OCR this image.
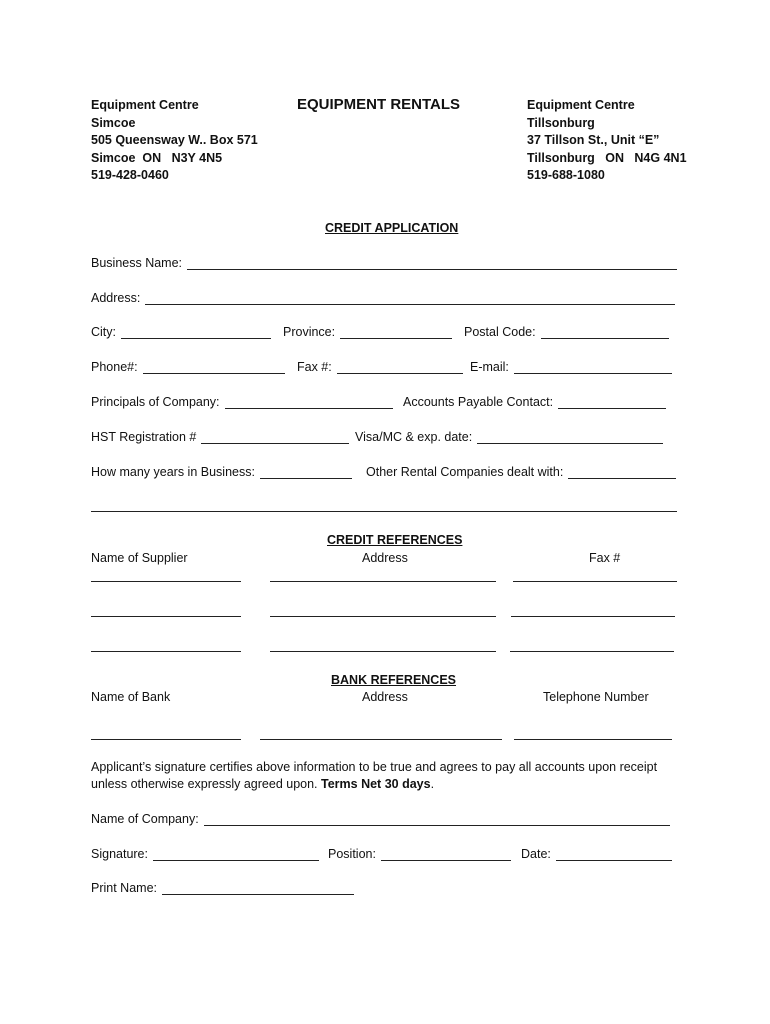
Equipment Centre
Simcoe
505 Queensway W.. Box 571
Simcoe  ON   N3Y 4N5
519-428-0460
EQUIPMENT RENTALS	Equipment Centre
Tillsonburg
37 Tillson St., Unit “E”
Tillsonburg   ON   N4G 4N1
519-688-1080
CREDIT APPLICATION
Business Name:
Address:
City:	Province:	Postal Code:
Phone#:	Fax #:	E-mail:
Principals of Company:	Accounts Payable Contact:
HST Registration #	Visa/MC & exp. date:
How many years in Business:	Other Rental Companies dealt with:
CREDIT REFERENCES
Name of Supplier	Address	Fax #
BANK REFERENCES
Name of Bank	Address	Telephone Number
Applicant’s signature certifies above information to be true and agrees to pay all accounts upon receipt unless otherwise expressly agreed upon. Terms Net 30 days.
Name of Company:
Signature:	Position:	Date:
Print Name:
